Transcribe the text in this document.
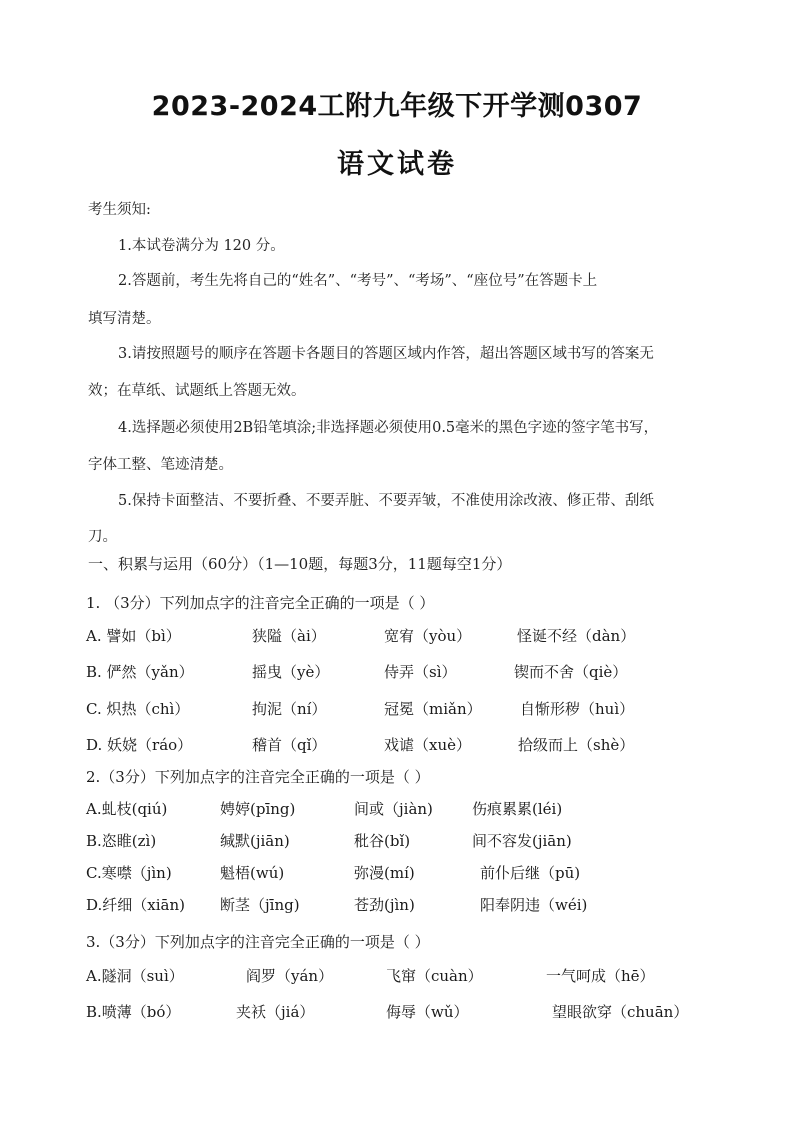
2023-2024工附九年级下开学测0307
语文试卷
考生须知:
1.本试卷满分为 120 分。
2.答题前，考生先将自己的“姓名”、“考号”、“考场”、“座位号”在答题卡上
填写清楚。
3.请按照题号的顺序在答题卡各题目的答题区域内作答，超出答题区域书写的答案无
效；在草纸、试题纸上答题无效。
4.选择题必须使用2B铅笔填涂;非选择题必须使用0.5毫米的黑色字迹的签字笔书写，
字体工整、笔迹清楚。
5.保持卡面整洁、不要折叠、不要弄脏、不要弄皱，不准使用涂改液、修正带、刮纸
刀。
一、积累与运用（60分）（1—10题，每题3分，11题每空1分）
1. （3分）下列加点字的注音完全正确的一项是（ ）
A. 譬如（bì）	狭隘（ài）	宽宥（yòu）	怪诞不经（dàn）
B. 俨然（yǎn）	摇曳（yè）	侍弄（sì）	锲而不舍（qiè）
C. 炽热（chì）	拘泥（ní）	冠冕（miǎn）	自惭形秽（huì）
D. 妖娆（ráo）	稽首（qǐ）	戏谑（xuè）	拾级而上（shè）
2.（3分）下列加点字的注音完全正确的一项是（ ）
A.虬枝(qiú)	娉婷(pīng)	间或（jiàn)	伤痕累累(léi)
B.恣睢(zì)	缄默(jiān)	秕谷(bǐ)	间不容发(jiān)
C.寒噤（jìn)	魁梧(wú)	弥漫(mí)	前仆后继（pū)
D.纤细（xiān) 断茎（jīng)	苍劲(jìn)	阳奉阴违（wéi)
3.（3分）下列加点字的注音完全正确的一项是（ ）
A.隧洞（suì）	阎罗（yán）	飞窜（cuàn）	一气呵成（hē）
B.喷薄（bó）	夹袄（jiá）	侮辱（wǔ）	望眼欲穿（chuān）
